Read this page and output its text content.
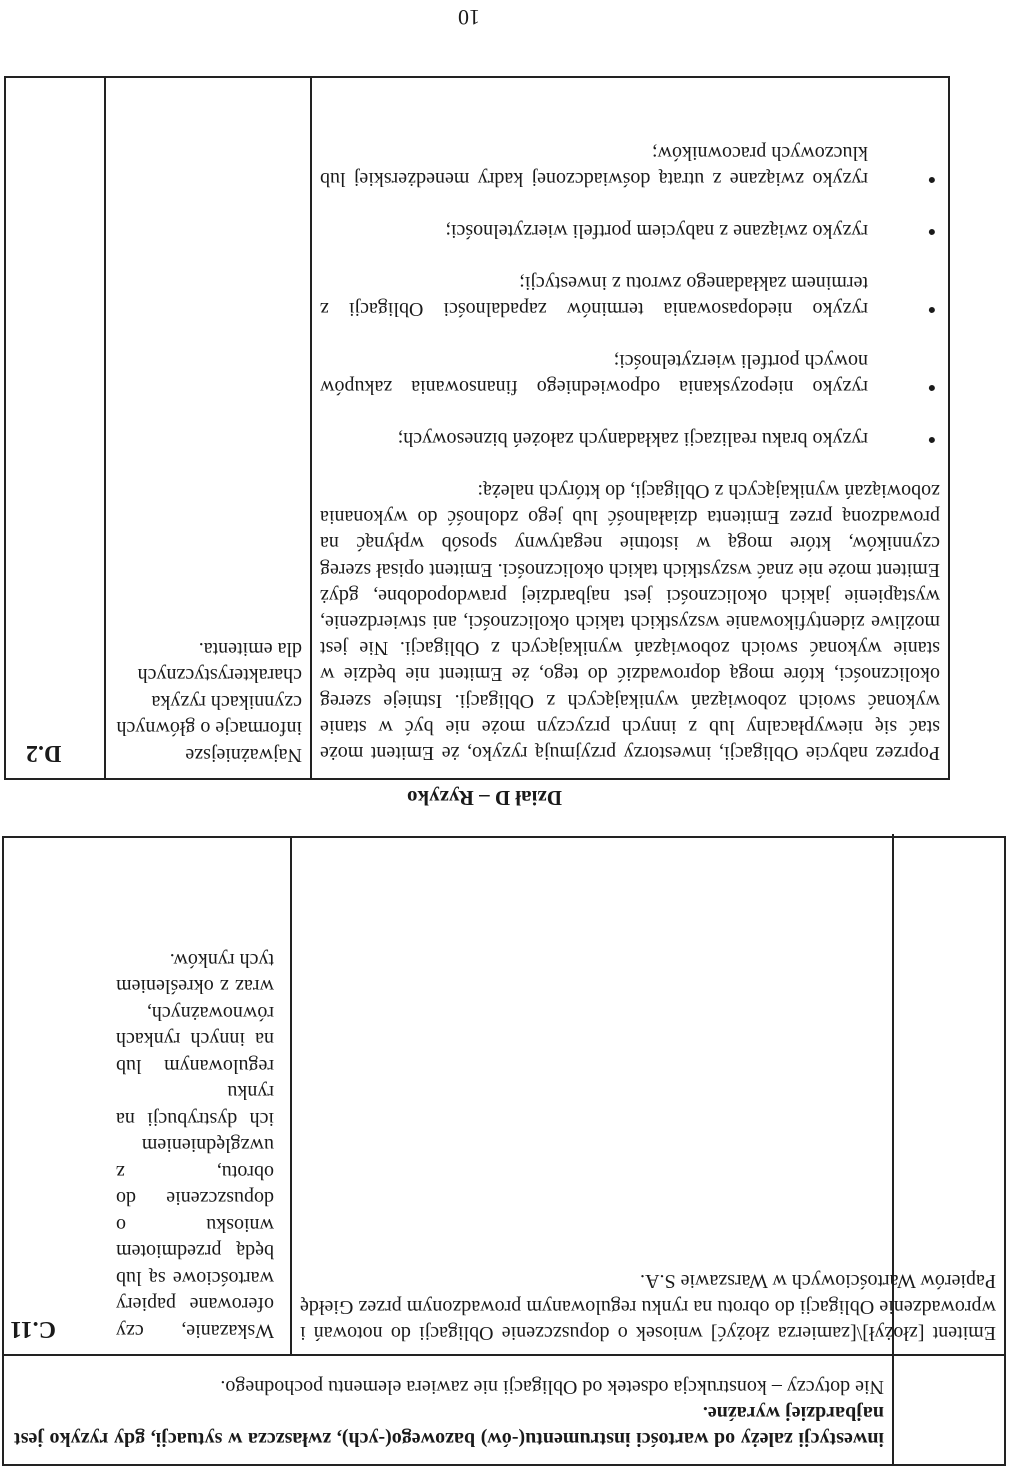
inwestycji zależy od wartości instrumentu(-ów) bazowego(-ych), zwłaszcza w sytuacji, gdy ryzyko jest najbardziej wyraźne.

Nie dotyczy – konstrukcja odsetek od Obligacji nie zawiera elementu pochodnego.

C.11	Wskazanie, czy oferowane papiery wartościowe są lub będą przedmiotem wniosku o dopuszczenie do obrotu, z uwzględnieniem ich dystrybucji na rynku regulowanym lub na innych rynkach równoważnych, wraz z określeniem tych rynków.

Emitent [złożył]\[zamierza złożyć] wniosek o dopuszczenie Obligacji do notowań i wprowadzenie Obligacji do obrotu na rynku regulowanym prowadzonym przez Giełdę Papierów Wartościowych w Warszawie S.A.

Dział D – Ryzyko
D.2	Najważniejsze informacje o głównych czynnikach ryzyka charakterystycznych dla emitenta.

Poprzez nabycie Obligacji, inwestorzy przyjmują ryzyko, że Emitent może stać się niewypłacalny lub z innych przyczyn może nie być w stanie wykonać swoich zobowiązań wynikających z Obligacji. Istnieje szereg okoliczności, które mogą doprowadzić do tego, że Emitent nie będzie w stanie wykonać swoich zobowiązań wynikających z Obligacji. Nie jest możliwe zidentyfikowanie wszystkich takich okoliczności, ani stwierdzenie, wystąpienie jakich okoliczności jest najbardziej prawdopodobne, gdyż Emitent może nie znać wszystkich takich okoliczności. Emitent opisał szereg czynników, które mogą w istotnie negatywny sposób wpłynąć na prowadzoną przez Emitenta działalność lub jego zdolność do wykonania zobowiązań wynikających z Obligacji, do których należą:

● ryzyko braku realizacji zakładanych założeń biznesowych;
● ryzyko niepozyskania odpowiedniego finansowania zakupów nowych portfeli wierzytelności;
● ryzyko niedopasowania terminów zapadalności Obligacji z terminem zakładanego zwrotu z inwestycji;
● ryzyko związane z nabyciem portfeli wierzytelności;
● ryzyko związane z utratą doświadczonej kadry menedżerskiej lub kluczowych pracowników;
10
